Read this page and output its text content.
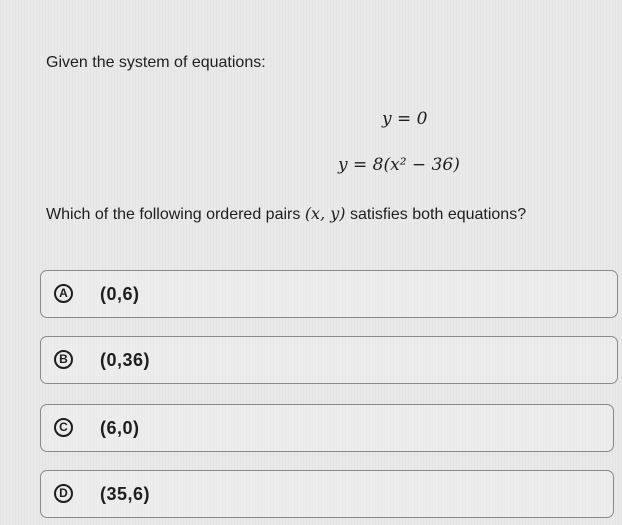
Given the system of equations:
y = 0
y = 8(x² − 36)
Which of the following ordered pairs (x, y) satisfies both equations?
A (0,6)
B (0,36)
C (6,0)
D (35,6)
